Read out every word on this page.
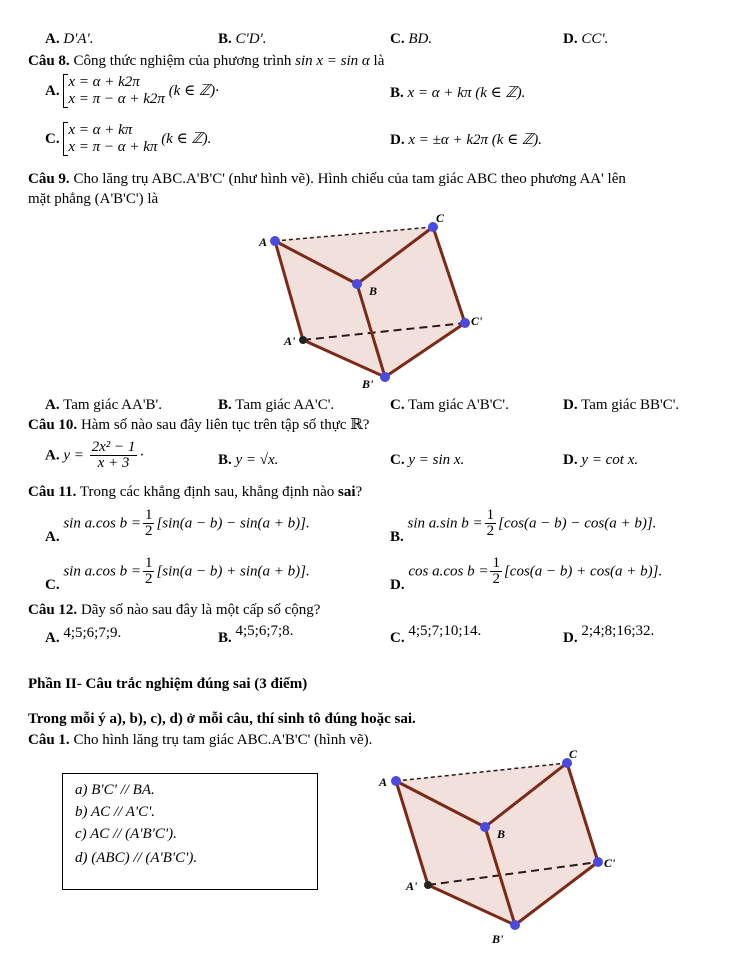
A. D'A'.	B. C'D'.	C. BD.	D. CC'.
Câu 8. Công thức nghiệm của phương trình sin x = sin α là
A. x = α + k2π
x = π − α + k2π (k ∈ ℤ)·	B. x = α + kπ (k ∈ ℤ).
C. x = α + kπ
x = π − α + kπ (k ∈ ℤ).	D. x = ±α + k2π (k ∈ ℤ).
Câu 9. Cho lăng trụ ABC.A'B'C' (như hình vẽ). Hình chiếu của tam giác ABC theo phương AA' lên
mặt phẳng (A'B'C') là
A
B
C
A'
B'
C'
A. Tam giác AA'B'.	B. Tam giác AA'C'.	C. Tam giác A'B'C'.	D. Tam giác BB'C'.
Câu 10. Hàm số nào sau đây liên tục trên tập số thực ℝ?
A. $y = \frac{\text{2x² − 1}}{x + 3}$ ·	B. y = √x.	C. y = sin x.	D. y = cot x.
Câu 11. Trong các khẳng định sau, khẳng định nào sai?
A. sin a.cos $b = \frac{1}{2} [\sin(a - b) - \sin(a + b)]$.
B. sin a.sin $b = \frac{1}{2} [\cos(a - b) - \cos(a + b)]$.
C. sin a.cos $b = \frac{1}{2} [\sin(a - b) + \sin(a + b)]$.
D. cos a.cos $b = \frac{1}{2} [\cos(a - b) + \cos(a + b)]$.
Câu 12. Dãy số nào sau đây là một cấp số cộng?
A. 4;5;6;7;9.	B. 4;5;6;7;8.	C. 4;5;7;10;14.	D. 2;4;8;16;32.
Phần II- Câu trắc nghiệm đúng sai (3 điểm)
Trong mỗi ý a), b), c), d) ở mỗi câu, thí sinh tô đúng hoặc sai.
Câu 1. Cho hình lăng trụ tam giác ABC.A'B'C' (hình vẽ).
a) B'C' // BA.
b) AC // A'C'.
c) AC // (A'B'C').
d) (ABC) // (A'B'C').
A
B
C
A'
B'
C'
